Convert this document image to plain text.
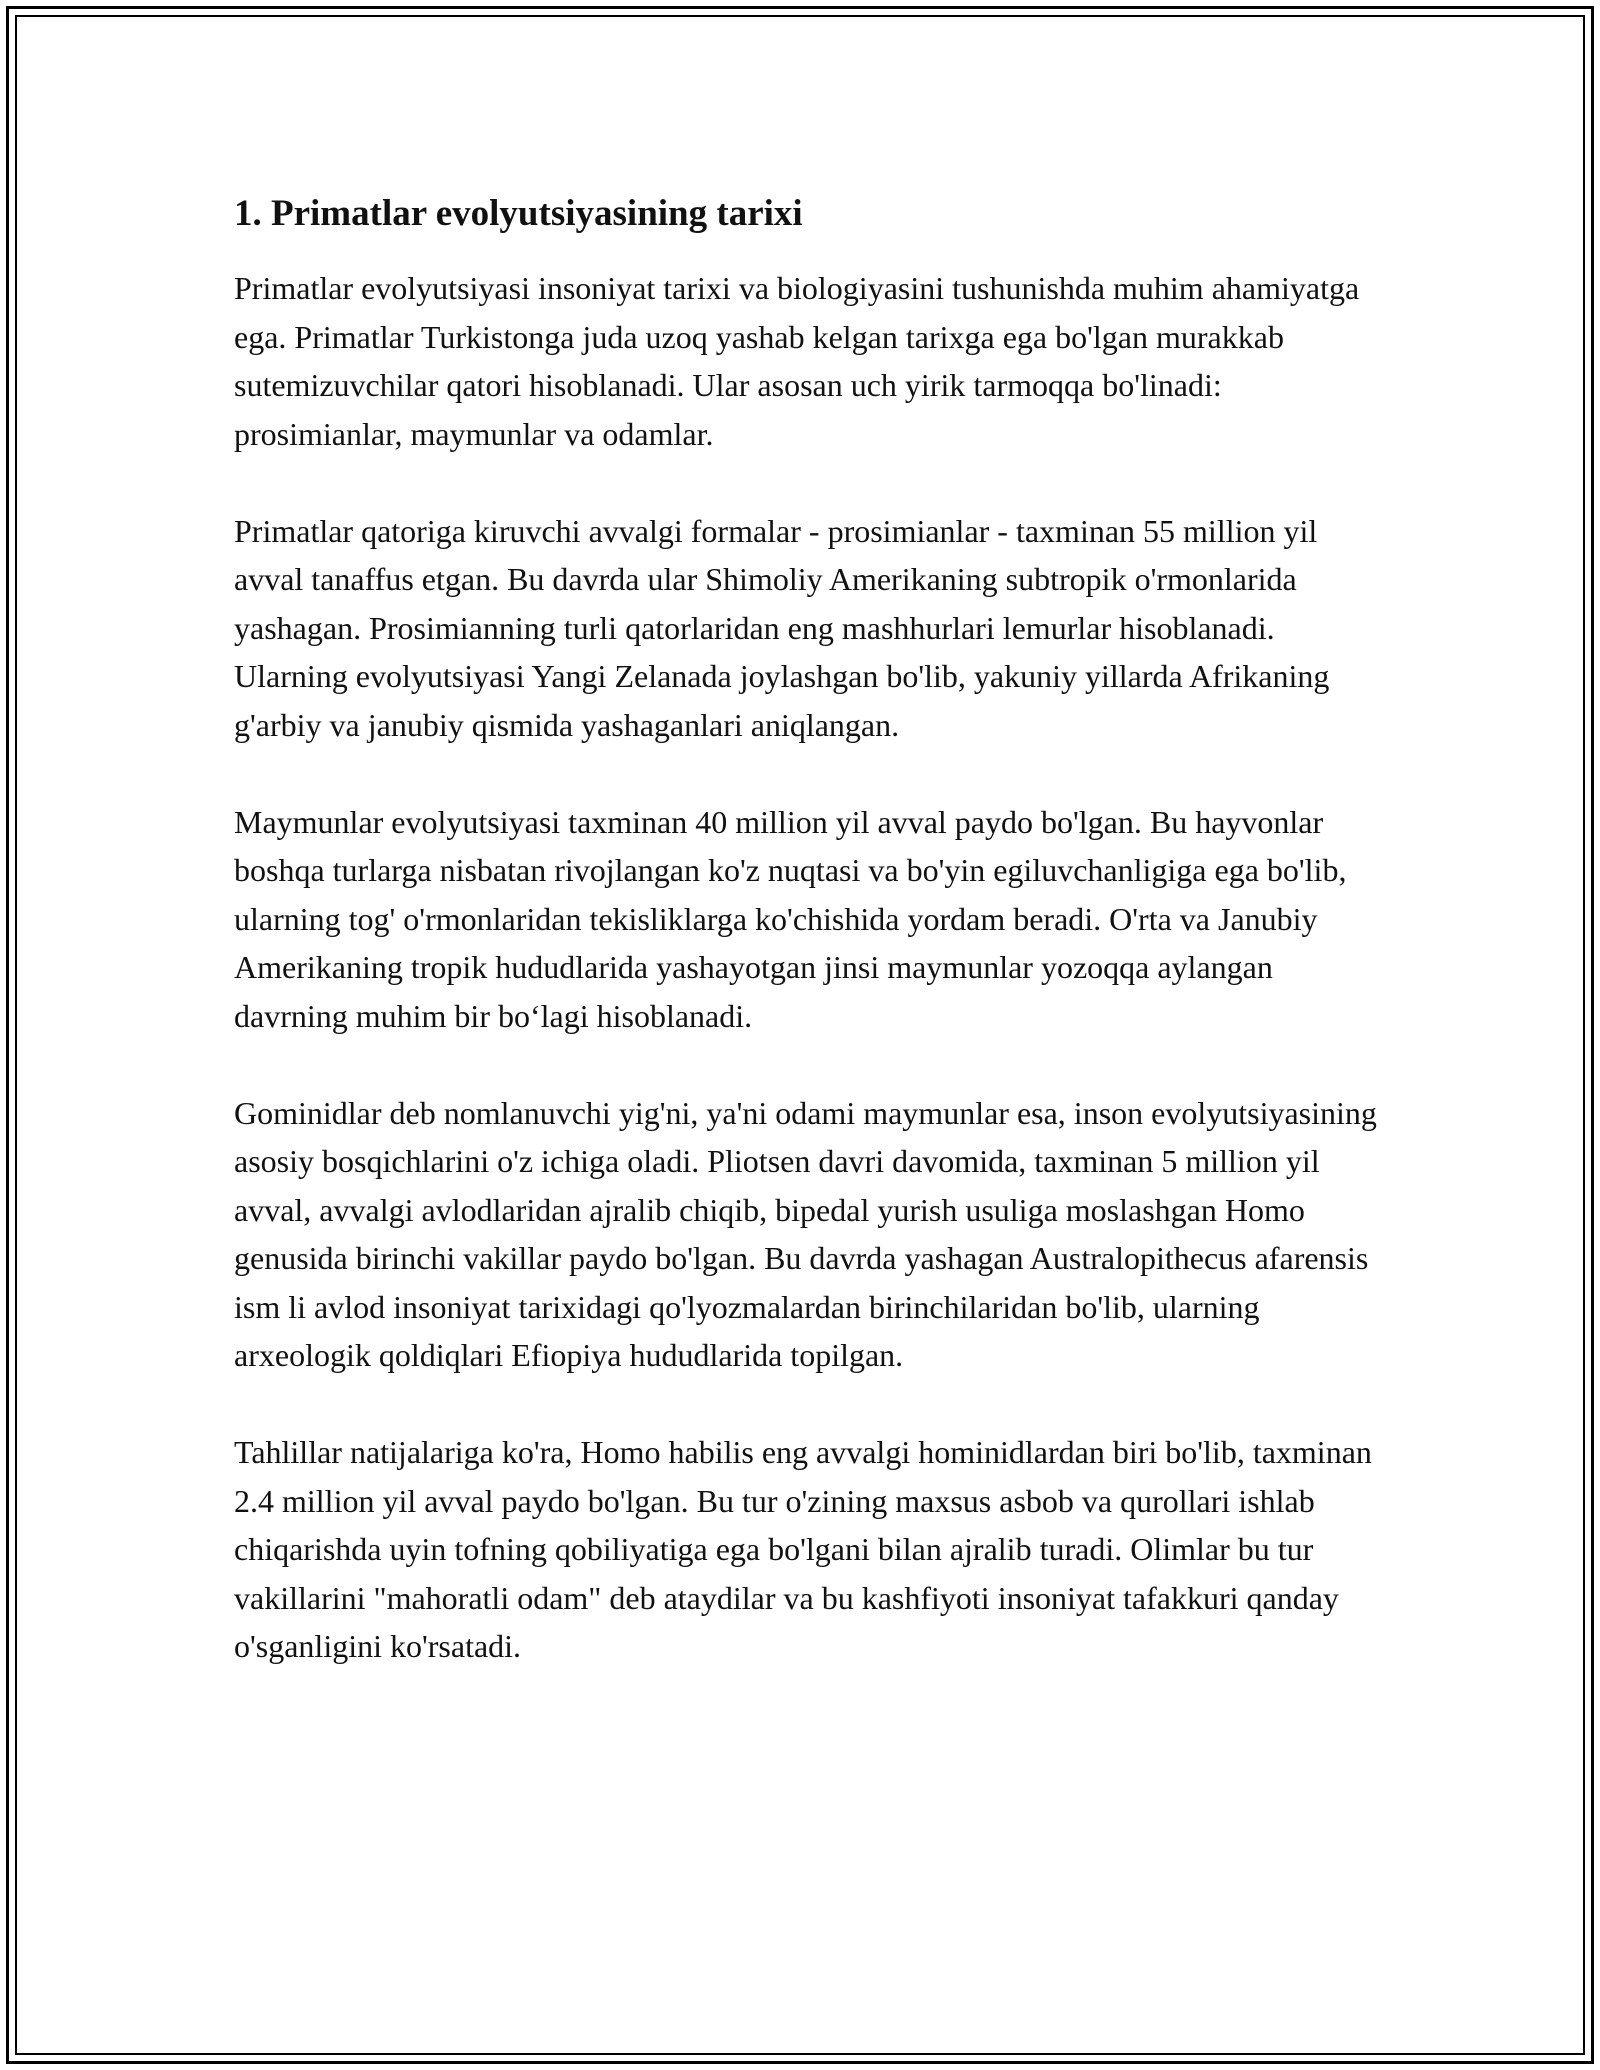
1. Primatlar evolyutsiyasining tarixi

Primatlar evolyutsiyasi insoniyat tarixi va biologiyasini tushunishda muhim ahamiyatga ega. Primatlar Turkistonga juda uzoq yashab kelgan tarixga ega bo'lgan murakkab sutemizuvchilar qatori hisoblanadi. Ular asosan uch yirik tarmoqqa bo'linadi: prosimianlar, maymunlar va odamlar.

Primatlar qatoriga kiruvchi avvalgi formalar - prosimianlar - taxminan 55 million yil avval tanaffus etgan. Bu davrda ular Shimoliy Amerikaning subtropik o'rmonlarida yashagan. Prosimianning turli qatorlaridan eng mashhurlari lemurlar hisoblanadi. Ularning evolyutsiyasi Yangi Zelanada joylashgan bo'lib, yakuniy yillarda Afrikaning g'arbiy va janubiy qismida yashaganlari aniqlangan.

Maymunlar evolyutsiyasi taxminan 40 million yil avval paydo bo'lgan. Bu hayvonlar boshqa turlarga nisbatan rivojlangan ko'z nuqtasi va bo'yin egiluvchanligiga ega bo'lib, ularning tog' o'rmonlaridan tekisliklarga ko'chishida yordam beradi. O'rta va Janubiy Amerikaning tropik hududlarida yashayotgan jinsi maymunlar yozoqqa aylangan davrning muhim bir bo‘lagi hisoblanadi.

Gominidlar deb nomlanuvchi yig'ni, ya'ni odami maymunlar esa, inson evolyutsiyasining asosiy bosqichlarini o'z ichiga oladi. Pliotsen davri davomida, taxminan 5 million yil avval, avvalgi avlodlaridan ajralib chiqib, bipedal yurish usuliga moslashgan Homo genusida birinchi vakillar paydo bo'lgan. Bu davrda yashagan Australopithecus afarensis ism li avlod insoniyat tarixidagi qo'lyozmalardan birinchilaridan bo'lib, ularning arxeologik qoldiqlari Efiopiya hududlarida topilgan.

Tahlillar natijalariga ko'ra, Homo habilis eng avvalgi hominidlardan biri bo'lib, taxminan 2.4 million yil avval paydo bo'lgan. Bu tur o'zining maxsus asbob va qurollari ishlab chiqarishda uyin tofning qobiliyatiga ega bo'lgani bilan ajralib turadi. Olimlar bu tur vakillarini "mahoratli odam" deb ataydilar va bu kashfiyoti insoniyat tafakkuri qanday o'sganligini ko'rsatadi.
